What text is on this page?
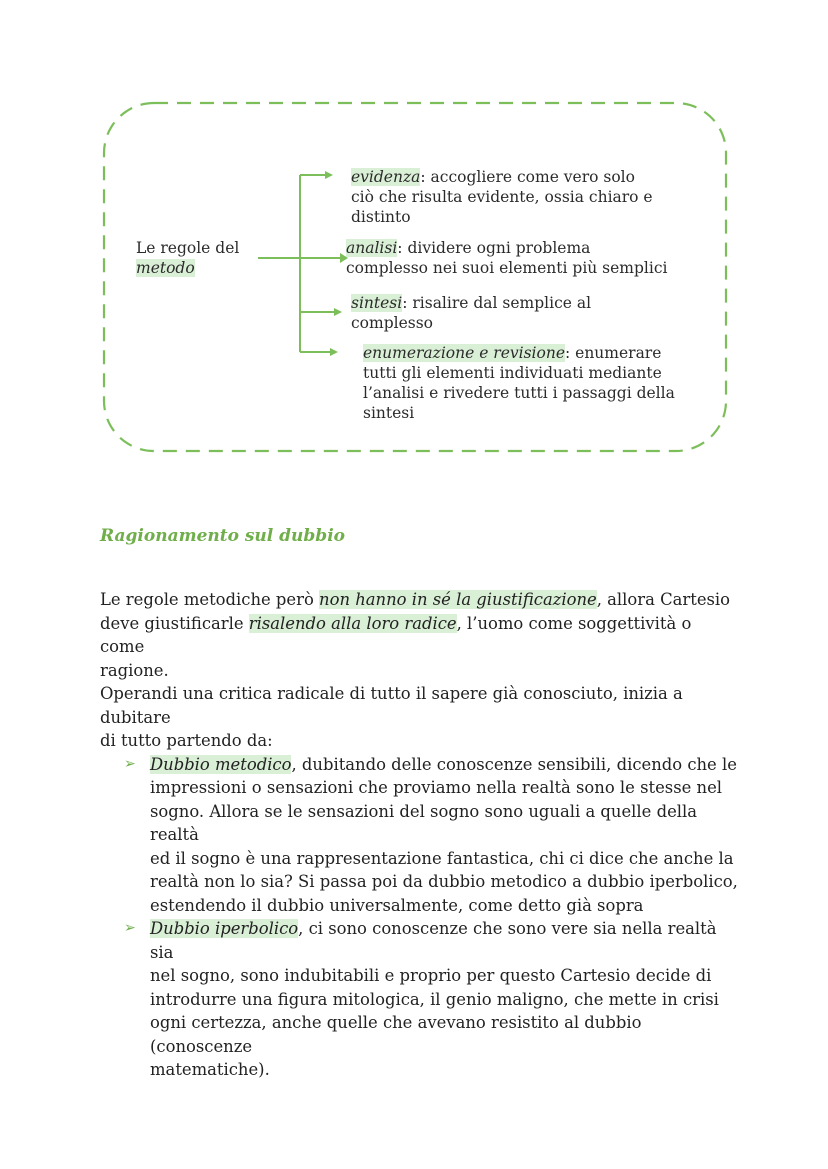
Le regole del
metodo
evidenza: accogliere come vero solo
ciò che risulta evidente, ossia chiaro e
distinto
analisi: dividere ogni problema
complesso nei suoi elementi più semplici
sintesi: risalire dal semplice al
complesso
enumerazione e revisione: enumerare
tutti gli elementi individuati mediante
l’analisi e rivedere tutti i passaggi della
sintesi
Ragionamento sul dubbio
Le regole metodiche però non hanno in sé la giustificazione, allora Cartesio
deve giustificarle risalendo alla loro radice, l’uomo come soggettività o come
ragione.
Operandi una critica radicale di tutto il sapere già conosciuto, inizia a dubitare
di tutto partendo da:
➢ Dubbio metodico, dubitando delle conoscenze sensibili, dicendo che le
impressioni o sensazioni che proviamo nella realtà sono le stesse nel
sogno. Allora se le sensazioni del sogno sono uguali a quelle della realtà
ed il sogno è una rappresentazione fantastica, chi ci dice che anche la
realtà non lo sia? Si passa poi da dubbio metodico a dubbio iperbolico,
estendendo il dubbio universalmente, come detto già sopra
➢ Dubbio iperbolico, ci sono conoscenze che sono vere sia nella realtà sia
nel sogno, sono indubitabili e proprio per questo Cartesio decide di
introdurre una figura mitologica, il genio maligno, che mette in crisi
ogni certezza, anche quelle che avevano resistito al dubbio (conoscenze
matematiche).
